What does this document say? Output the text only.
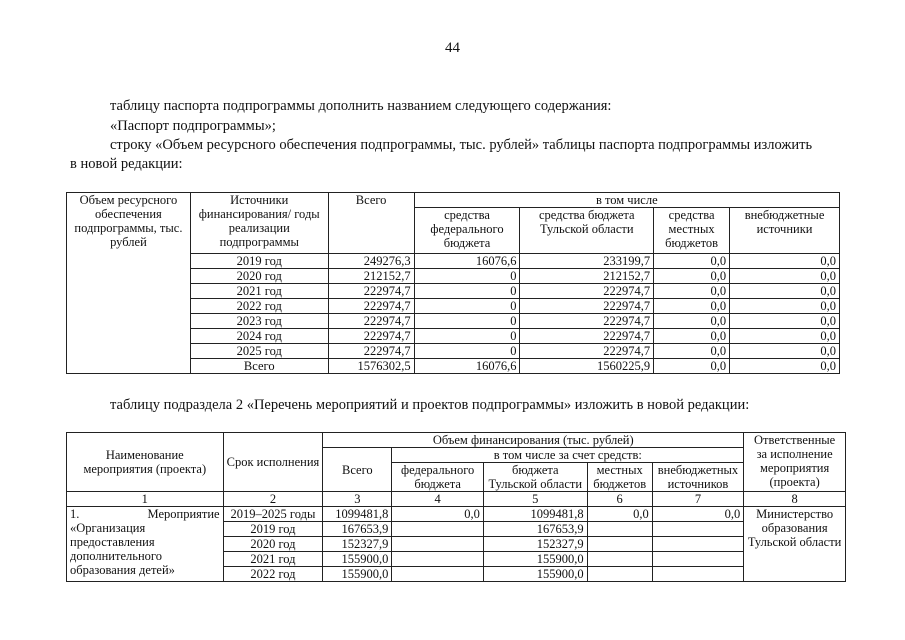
44
таблицу паспорта подпрограммы дополнить названием следующего содержания:
«Паспорт подпрограммы»;
строку «Объем ресурсного обеспечения подпрограммы, тыс. рублей» таблицы паспорта подпрограммы изложить
в новой редакции:
Объем ресурсного обеспечения подпрограммы, тыс. рублей	Источники финансирования/ годы реализации подпрограммы	Всего	в том числе			
			средства федерального бюджета	средства бюджета Тульской области	средства местных бюджетов	внебюджетные источники
	2019 год	249276,3	16076,6	233199,7	0,0	0,0
	2020 год	212152,7	0	212152,7	0,0	0,0
	2021 год	222974,7	0	222974,7	0,0	0,0
	2022 год	222974,7	0	222974,7	0,0	0,0
	2023 год	222974,7	0	222974,7	0,0	0,0
	2024 год	222974,7	0	222974,7	0,0	0,0
	2025 год	222974,7	0	222974,7	0,0	0,0
	Всего	1576302,5	16076,6	1560225,9	0,0	0,0
таблицу подраздела 2 «Перечень мероприятий и проектов подпрограммы» изложить в новой редакции:
Наименование мероприятия (проекта)	Срок исполнения	Объем финансирования (тыс. рублей)					Ответственные за исполнение мероприятия (проекта)
		Всего	в том числе за счет средств:				
			федерального бюджета	бюджета Тульской области	местных бюджетов	внебюджетных источников	
1	2	3	4	5	6	7	8

1. Мероприятие
«Организация предоставления дополнительного образования детей»	2019–2025 годы	1099481,8	0,0	1099481,8	0,0	0,0	Министерство образования Тульской области
	2019 год	167653,9		167653,9			
	2020 год	152327,9		152327,9			
	2021 год	155900,0		155900,0			
	2022 год	155900,0		155900,0			
